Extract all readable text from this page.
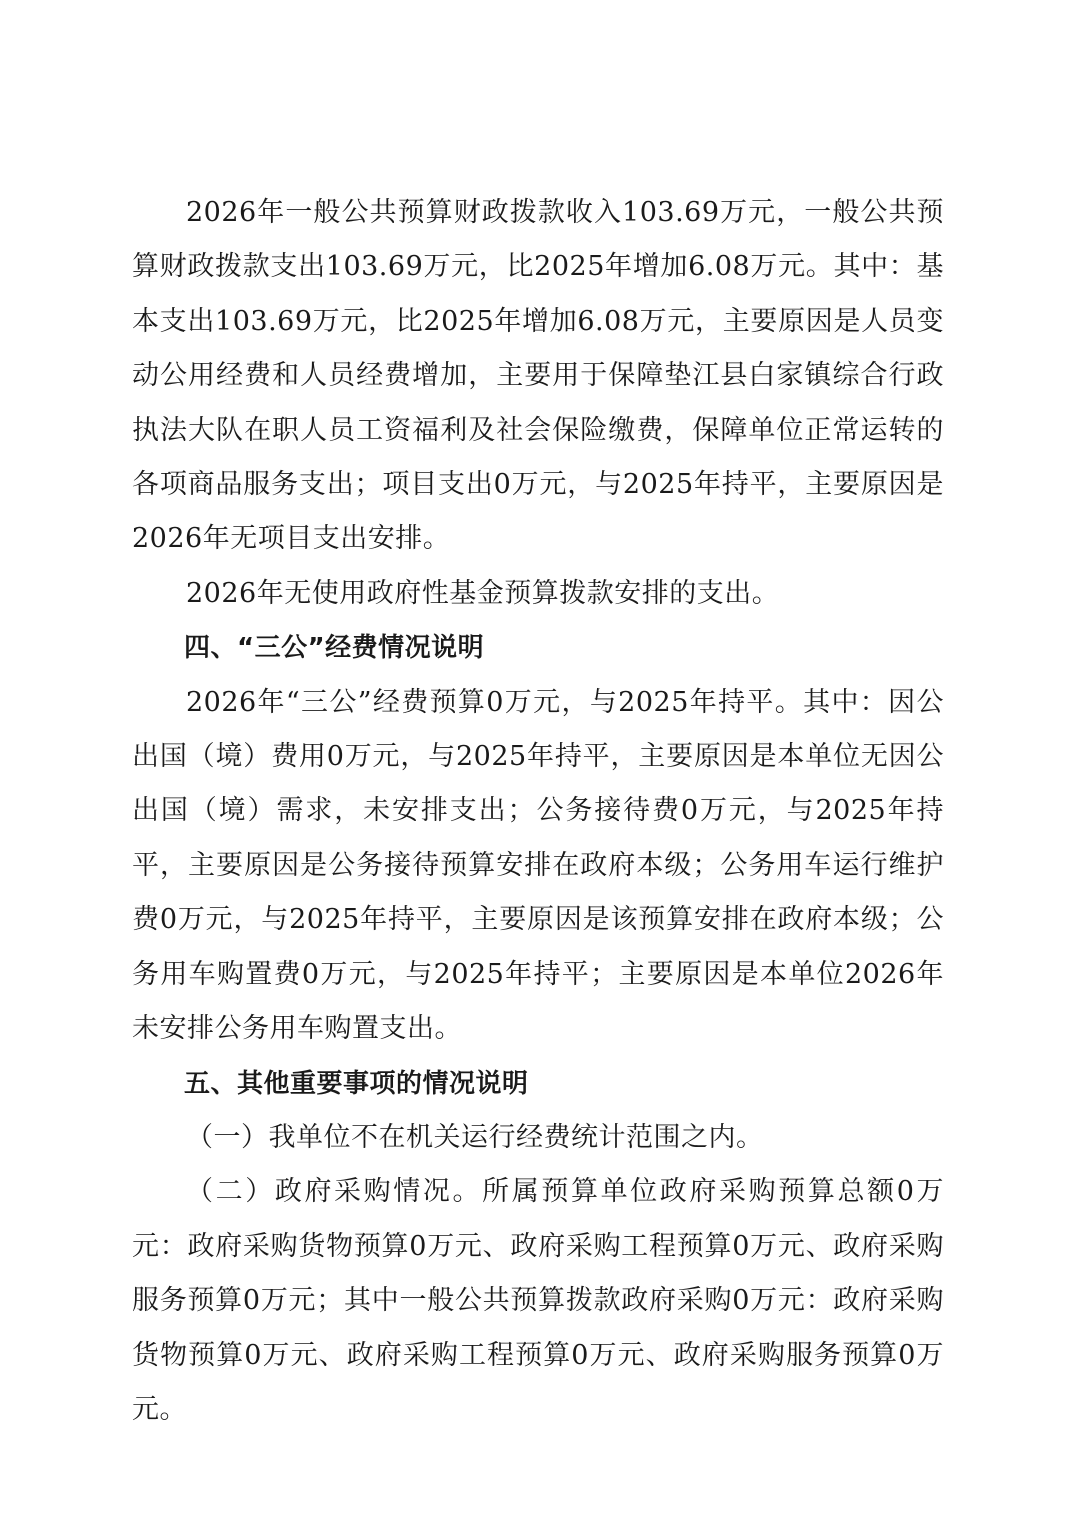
2026年一般公共预算财政拨款收入103.69万元，一般公共预算财政拨款支出103.69万元，比2025年增加6.08万元。其中：基本支出103.69万元，比2025年增加6.08万元，主要原因是人员变动公用经费和人员经费增加，主要用于保障垫江县白家镇综合行政执法大队在职人员工资福利及社会保险缴费，保障单位正常运转的各项商品服务支出；项目支出0万元，与2025年持平，主要原因是2026年无项目支出安排。

2026年无使用政府性基金预算拨款安排的支出。

四、“三公”经费情况说明

2026年“三公”经费预算0万元，与2025年持平。其中：因公出国（境）费用0万元，与2025年持平，主要原因是本单位无因公出国（境）需求，未安排支出；公务接待费0万元，与2025年持平，主要原因是公务接待预算安排在政府本级；公务用车运行维护费0万元，与2025年持平，主要原因是该预算安排在政府本级；公务用车购置费0万元，与2025年持平；主要原因是本单位2026年未安排公务用车购置支出。

五、其他重要事项的情况说明

（一）我单位不在机关运行经费统计范围之内。

（二）政府采购情况。所属预算单位政府采购预算总额0万元：政府采购货物预算0万元、政府采购工程预算0万元、政府采购服务预算0万元；其中一般公共预算拨款政府采购0万元：政府采购货物预算0万元、政府采购工程预算0万元、政府采购服务预算0万元。
